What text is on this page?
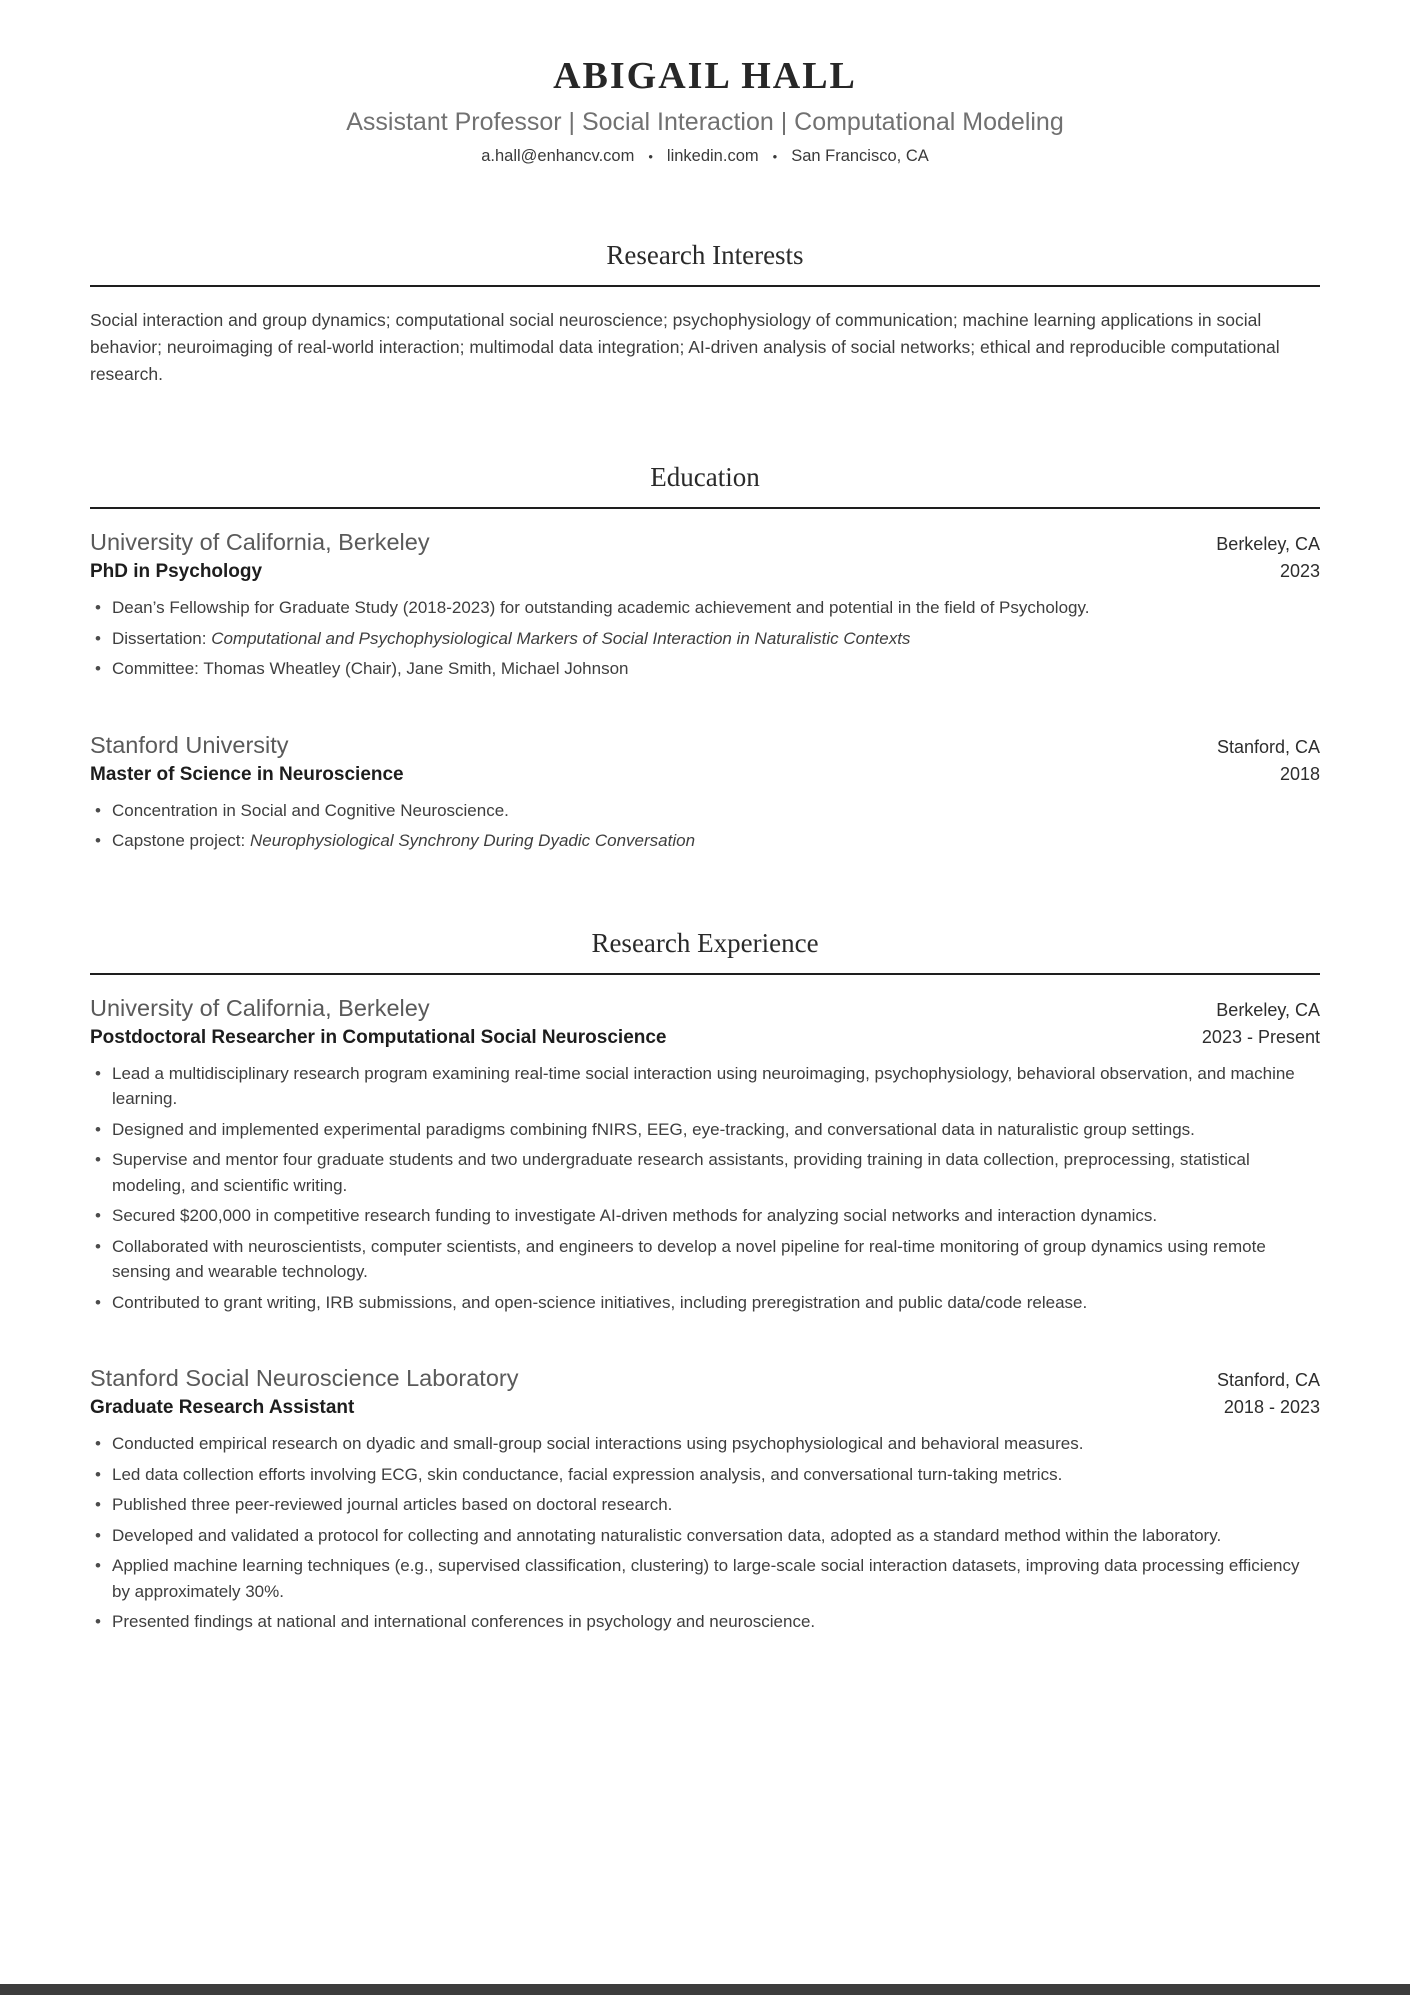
ABIGAIL HALL
Assistant Professor | Social Interaction | Computational Modeling
a.hall@enhancv.com • linkedin.com • San Francisco, CA
Research Interests

Social interaction and group dynamics; computational social neuroscience; psychophysiology of communication; machine learning applications in social behavior; neuroimaging of real-world interaction; multimodal data integration; AI-driven analysis of social networks; ethical and reproducible computational research.

Education
University of California, Berkeley	Berkeley, CA
PhD in Psychology	2023
• Dean’s Fellowship for Graduate Study (2018-2023) for outstanding academic achievement and potential in the field of Psychology.
• Dissertation: Computational and Psychophysiological Markers of Social Interaction in Naturalistic Contexts
• Committee: Thomas Wheatley (Chair), Jane Smith, Michael Johnson
Stanford University	Stanford, CA
Master of Science in Neuroscience	2018
• Concentration in Social and Cognitive Neuroscience.
• Capstone project: Neurophysiological Synchrony During Dyadic Conversation
Research Experience
University of California, Berkeley	Berkeley, CA
Postdoctoral Researcher in Computational Social Neuroscience	2023 - Present
• Lead a multidisciplinary research program examining real-time social interaction using neuroimaging, psychophysiology, behavioral observation, and machine learning.
• Designed and implemented experimental paradigms combining fNIRS, EEG, eye-tracking, and conversational data in naturalistic group settings.
• Supervise and mentor four graduate students and two undergraduate research assistants, providing training in data collection, preprocessing, statistical modeling, and scientific writing.
• Secured $200,000 in competitive research funding to investigate AI-driven methods for analyzing social networks and interaction dynamics.
• Collaborated with neuroscientists, computer scientists, and engineers to develop a novel pipeline for real-time monitoring of group dynamics using remote sensing and wearable technology.
• Contributed to grant writing, IRB submissions, and open-science initiatives, including preregistration and public data/code release.
Stanford Social Neuroscience Laboratory	Stanford, CA
Graduate Research Assistant	2018 - 2023
• Conducted empirical research on dyadic and small-group social interactions using psychophysiological and behavioral measures.
• Led data collection efforts involving ECG, skin conductance, facial expression analysis, and conversational turn-taking metrics.
• Published three peer-reviewed journal articles based on doctoral research.
• Developed and validated a protocol for collecting and annotating naturalistic conversation data, adopted as a standard method within the laboratory.
• Applied machine learning techniques (e.g., supervised classification, clustering) to large-scale social interaction datasets, improving data processing efficiency by approximately 30%.
• Presented findings at national and international conferences in psychology and neuroscience.
